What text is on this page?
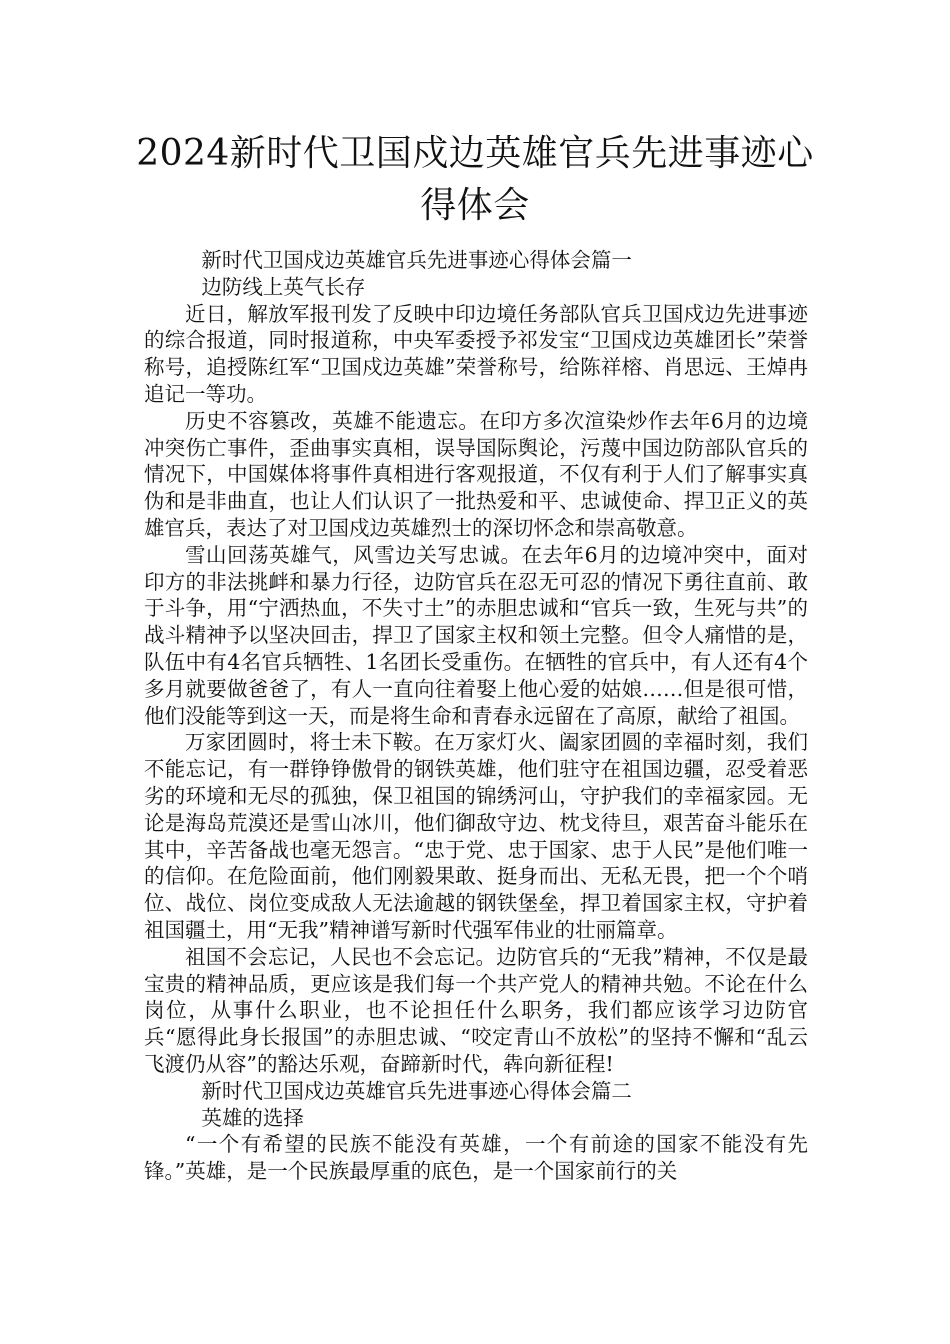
2024新时代卫国戍边英雄官兵先进事迹心
得体会

新时代卫国戍边英雄官兵先进事迹心得体会篇一

边防线上英气长存

近日，解放军报刊发了反映中印边境任务部队官兵卫国戍边先进事迹的综合报道，同时报道称，中央军委授予祁发宝“卫国戍边英雄团长”荣誉称号，追授陈红军“卫国戍边英雄”荣誉称号，给陈祥榕、肖思远、王焯冉追记一等功。

历史不容篡改，英雄不能遗忘。在印方多次渲染炒作去年6月的边境冲突伤亡事件，歪曲事实真相，误导国际舆论，污蔑中国边防部队官兵的情况下，中国媒体将事件真相进行客观报道，不仅有利于人们了解事实真伪和是非曲直，也让人们认识了一批热爱和平、忠诚使命、捍卫正义的英雄官兵，表达了对卫国戍边英雄烈士的深切怀念和崇高敬意。

雪山回荡英雄气，风雪边关写忠诚。在去年6月的边境冲突中，面对印方的非法挑衅和暴力行径，边防官兵在忍无可忍的情况下勇往直前、敢于斗争，用“宁洒热血，不失寸土”的赤胆忠诚和“官兵一致，生死与共”的战斗精神予以坚决回击，捍卫了国家主权和领土完整。但令人痛惜的是，队伍中有4名官兵牺牲、1名团长受重伤。在牺牲的官兵中，有人还有4个多月就要做爸爸了，有人一直向往着娶上他心爱的姑娘……但是很可惜，他们没能等到这一天，而是将生命和青春永远留在了高原，献给了祖国。

万家团圆时，将士未下鞍。在万家灯火、阖家团圆的幸福时刻，我们不能忘记，有一群铮铮傲骨的钢铁英雄，他们驻守在祖国边疆，忍受着恶劣的环境和无尽的孤独，保卫祖国的锦绣河山，守护我们的幸福家园。无论是海岛荒漠还是雪山冰川，他们御敌守边、枕戈待旦，艰苦奋斗能乐在其中，辛苦备战也毫无怨言。“忠于党、忠于国家、忠于人民”是他们唯一的信仰。在危险面前，他们刚毅果敢、挺身而出、无私无畏，把一个个哨位、战位、岗位变成敌人无法逾越的钢铁堡垒，捍卫着国家主权，守护着祖国疆土，用“无我”精神谱写新时代强军伟业的壮丽篇章。

祖国不会忘记，人民也不会忘记。边防官兵的“无我”精神，不仅是最宝贵的精神品质，更应该是我们每一个共产党人的精神共勉。不论在什么岗位，从事什么职业，也不论担任什么职务，我们都应该学习边防官兵“愿得此身长报国”的赤胆忠诚、“咬定青山不放松”的坚持不懈和“乱云飞渡仍从容”的豁达乐观，奋蹄新时代，犇向新征程!

新时代卫国戍边英雄官兵先进事迹心得体会篇二

英雄的选择

“一个有希望的民族不能没有英雄，一个有前途的国家不能没有先锋。”英雄，是一个民族最厚重的底色，是一个国家前行的关
